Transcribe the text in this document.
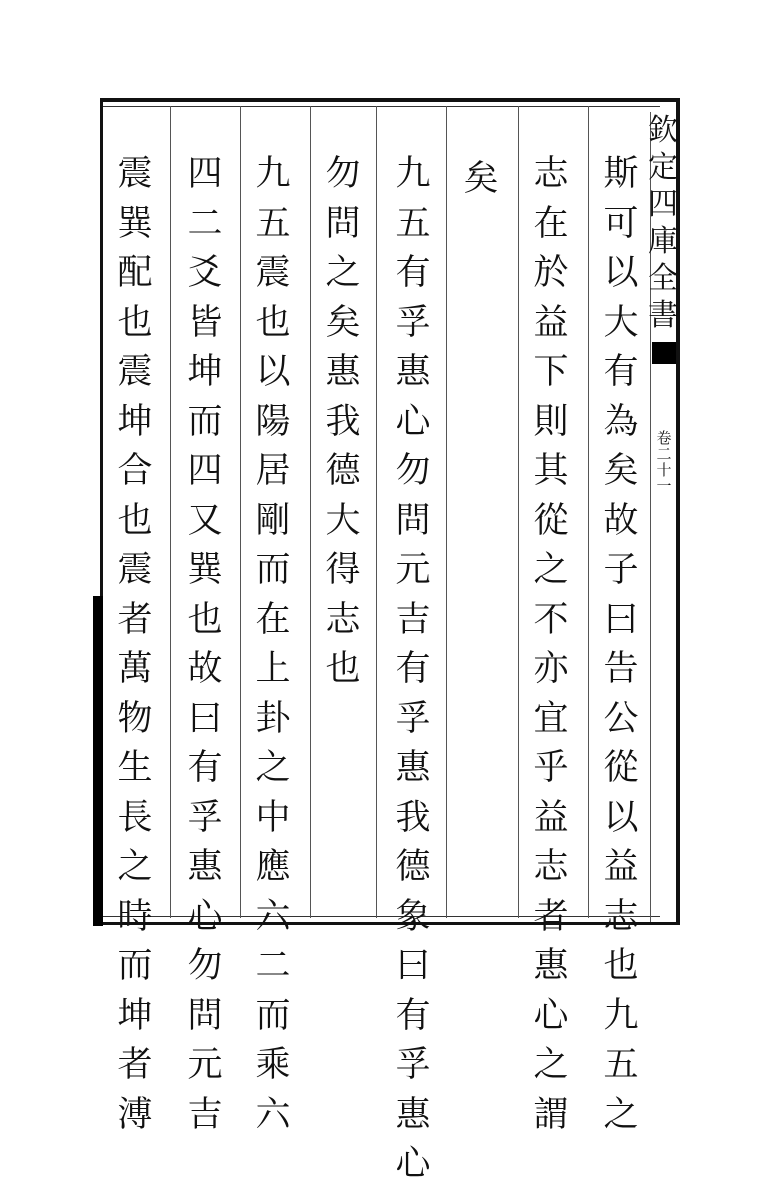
欽
定
四
庫
全
書
卷
二
十
一
斯
可
以
大
有
為
矣
故
子
曰
告
公
從
以
益
志
也
九
五
之
志
在
於
益
下
則
其
從
之
不
亦
宜
乎
益
志
者
惠
心
之
謂
矣
九
五
有
孚
惠
心
勿
問
元
吉
有
孚
惠
我
德
象
曰
有
孚
惠
心
勿
問
之
矣
惠
我
德
大
得
志
也
九
五
震
也
以
陽
居
剛
而
在
上
卦
之
中
應
六
二
而
乘
六
四
二
爻
皆
坤
而
四
又
巽
也
故
曰
有
孚
惠
心
勿
問
元
吉
震
巽
配
也
震
坤
合
也
震
者
萬
物
生
長
之
時
而
坤
者
溥
